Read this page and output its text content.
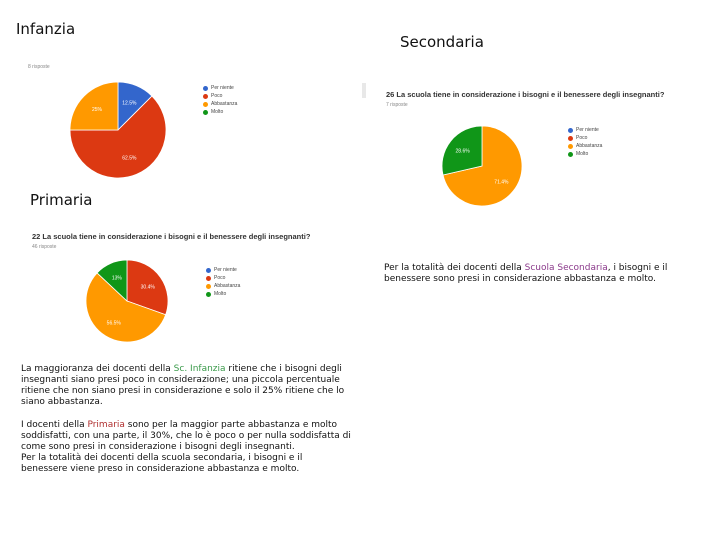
Infanzia
Secondaria
Primaria
8 risposte
12.5%
62.5%
25%
Per niente
Poco
Abbastanza
Molto
26 La scuola tiene in considerazione i bisogni e il benessere degli insegnanti?
7 risposte
71.4%
28.6%
Per niente
Poco
Abbastanza
Molto
22 La scuola tiene in considerazione i bisogni e il benessere degli insegnanti?
46 risposte
30.4%
56.5%
13%
Per niente
Poco
Abbastanza
Molto
Per la totalità dei docenti della Scuola Secondaria, i bisogni e il benessere sono presi in considerazione abbastanza e molto.

La maggioranza dei docenti della Sc. Infanzia ritiene che i bisogni degli insegnanti siano presi poco in considerazione; una piccola percentuale ritiene che non siano presi in considerazione e solo il 25% ritiene che lo siano abbastanza.

I docenti della Primaria sono per la maggior parte abbastanza e molto soddisfatti, con una parte, il 30%, che lo è poco o per nulla soddisfatta di come sono presi in considerazione i bisogni degli insegnanti.

Per la totalità dei docenti della scuola secondaria, i bisogni e il benessere viene preso in considerazione abbastanza e molto.
